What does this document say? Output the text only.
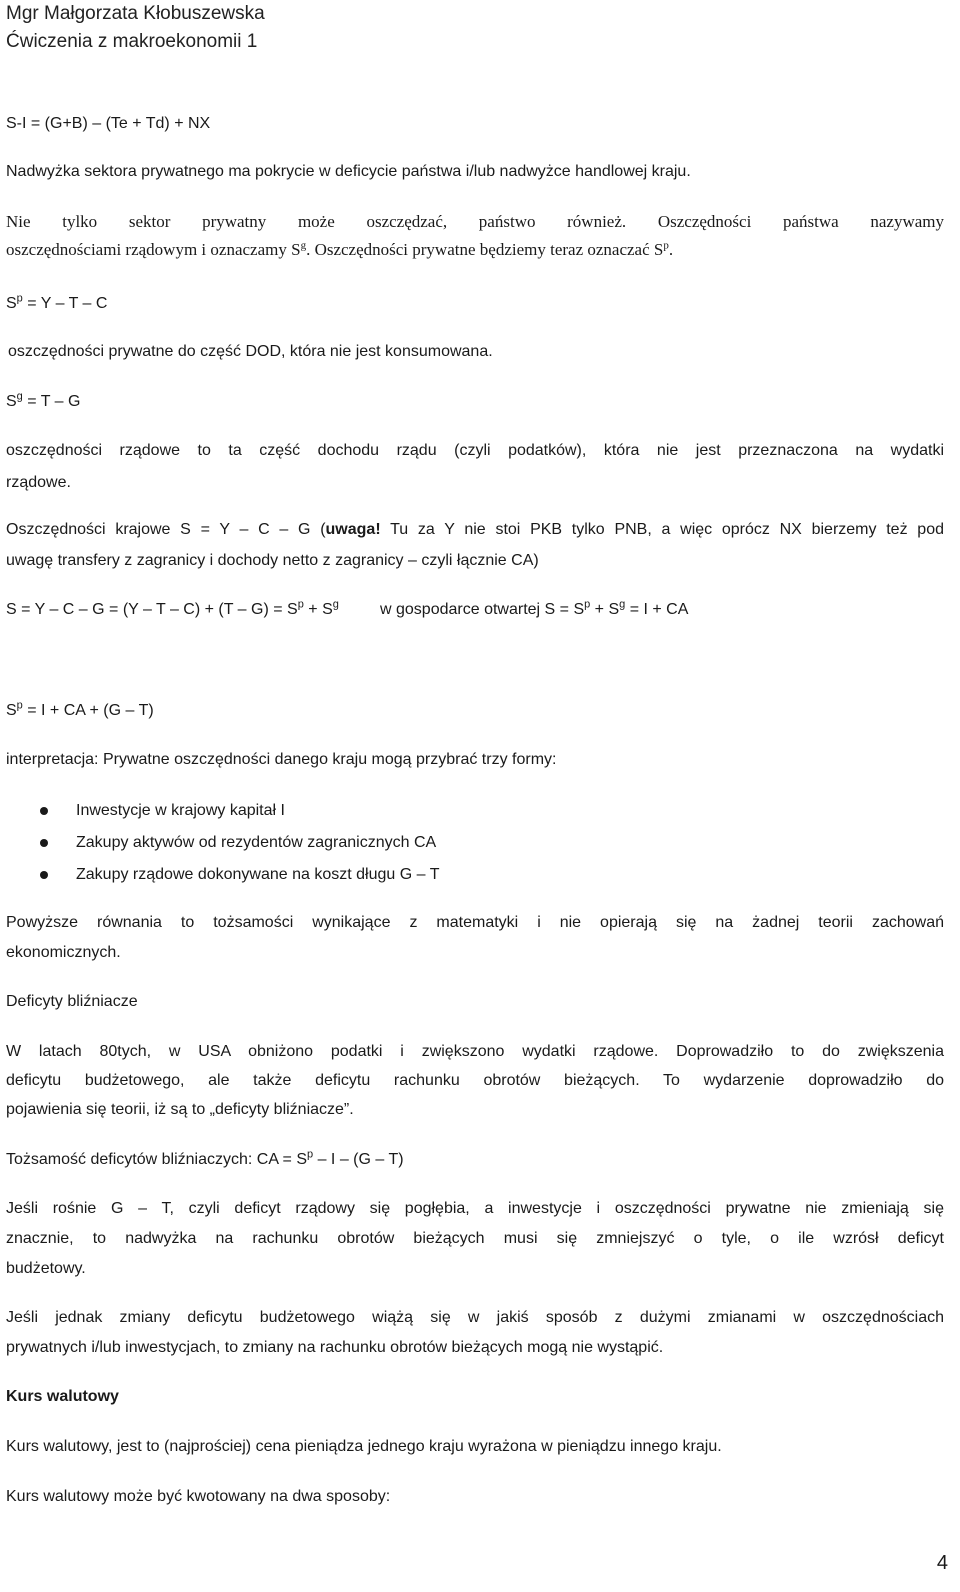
Mgr Małgorzata Kłobuszewska
Ćwiczenia z makroekonomii 1
S-I = (G+B) – (Te + Td) + NX
Nadwyżka sektora prywatnego ma pokrycie w deficycie państwa i/lub nadwyżce handlowej kraju.
Nie tylko sektor prywatny może oszczędzać, państwo również. Oszczędności państwa nazywamy
oszczędnościami rządowym i oznaczamy $S^g$. Oszczędności prywatne będziemy teraz oznaczać $S^p$.
$S^p = Y - T - C$
oszczędności prywatne do część DOD, która nie jest konsumowana.
$S^g = T - G$
oszczędności rządowe to ta część dochodu rządu (czyli podatków), która nie jest przeznaczona na wydatki
rządowe.
Oszczędności krajowe S = Y – C – G (uwaga! Tu za Y nie stoi PKB tylko PNB, a więc oprócz NX bierzemy też pod
uwagę transfery z zagranicy i dochody netto z zagranicy – czyli łącznie CA)
$S = Y - C - G = (Y - T - C) + (T - G) = S^p + S^g$	w gospodarce otwartej $S = S^p + S^g = I$ + CA
$S^p = I$ + CA + (G – T)
interpretacja: Prywatne oszczędności danego kraju mogą przybrać trzy formy:
Inwestycje w krajowy kapitał I
Zakupy aktywów od rezydentów zagranicznych CA
Zakupy rządowe dokonywane na koszt długu G – T
Powyższe równania to tożsamości wynikające z matematyki i nie opierają się na żadnej teorii zachowań
ekonomicznych.
Deficyty bliźniacze
W latach 80tych, w USA obniżono podatki i zwiększono wydatki rządowe. Doprowadziło to do zwiększenia
deficytu budżetowego, ale także deficytu rachunku obrotów bieżących. To wydarzenie doprowadziło do
pojawienia się teorii, iż są to „deficyty bliźniacze”.
Tożsamość deficytów bliźniaczych: CA = $S^p$ – I – (G – T)
Jeśli rośnie G – T, czyli deficyt rządowy się pogłębia, a inwestycje i oszczędności prywatne nie zmieniają się
znacznie, to nadwyżka na rachunku obrotów bieżących musi się zmniejszyć o tyle, o ile wzrósł deficyt
budżetowy.
Jeśli jednak zmiany deficytu budżetowego wiążą się w jakiś sposób z dużymi zmianami w oszczędnościach
prywatnych i/lub inwestycjach, to zmiany na rachunku obrotów bieżących mogą nie wystąpić.
Kurs walutowy
Kurs walutowy, jest to (najprościej) cena pieniądza jednego kraju wyrażona w pieniądzu innego kraju.
Kurs walutowy może być kwotowany na dwa sposoby:
4
